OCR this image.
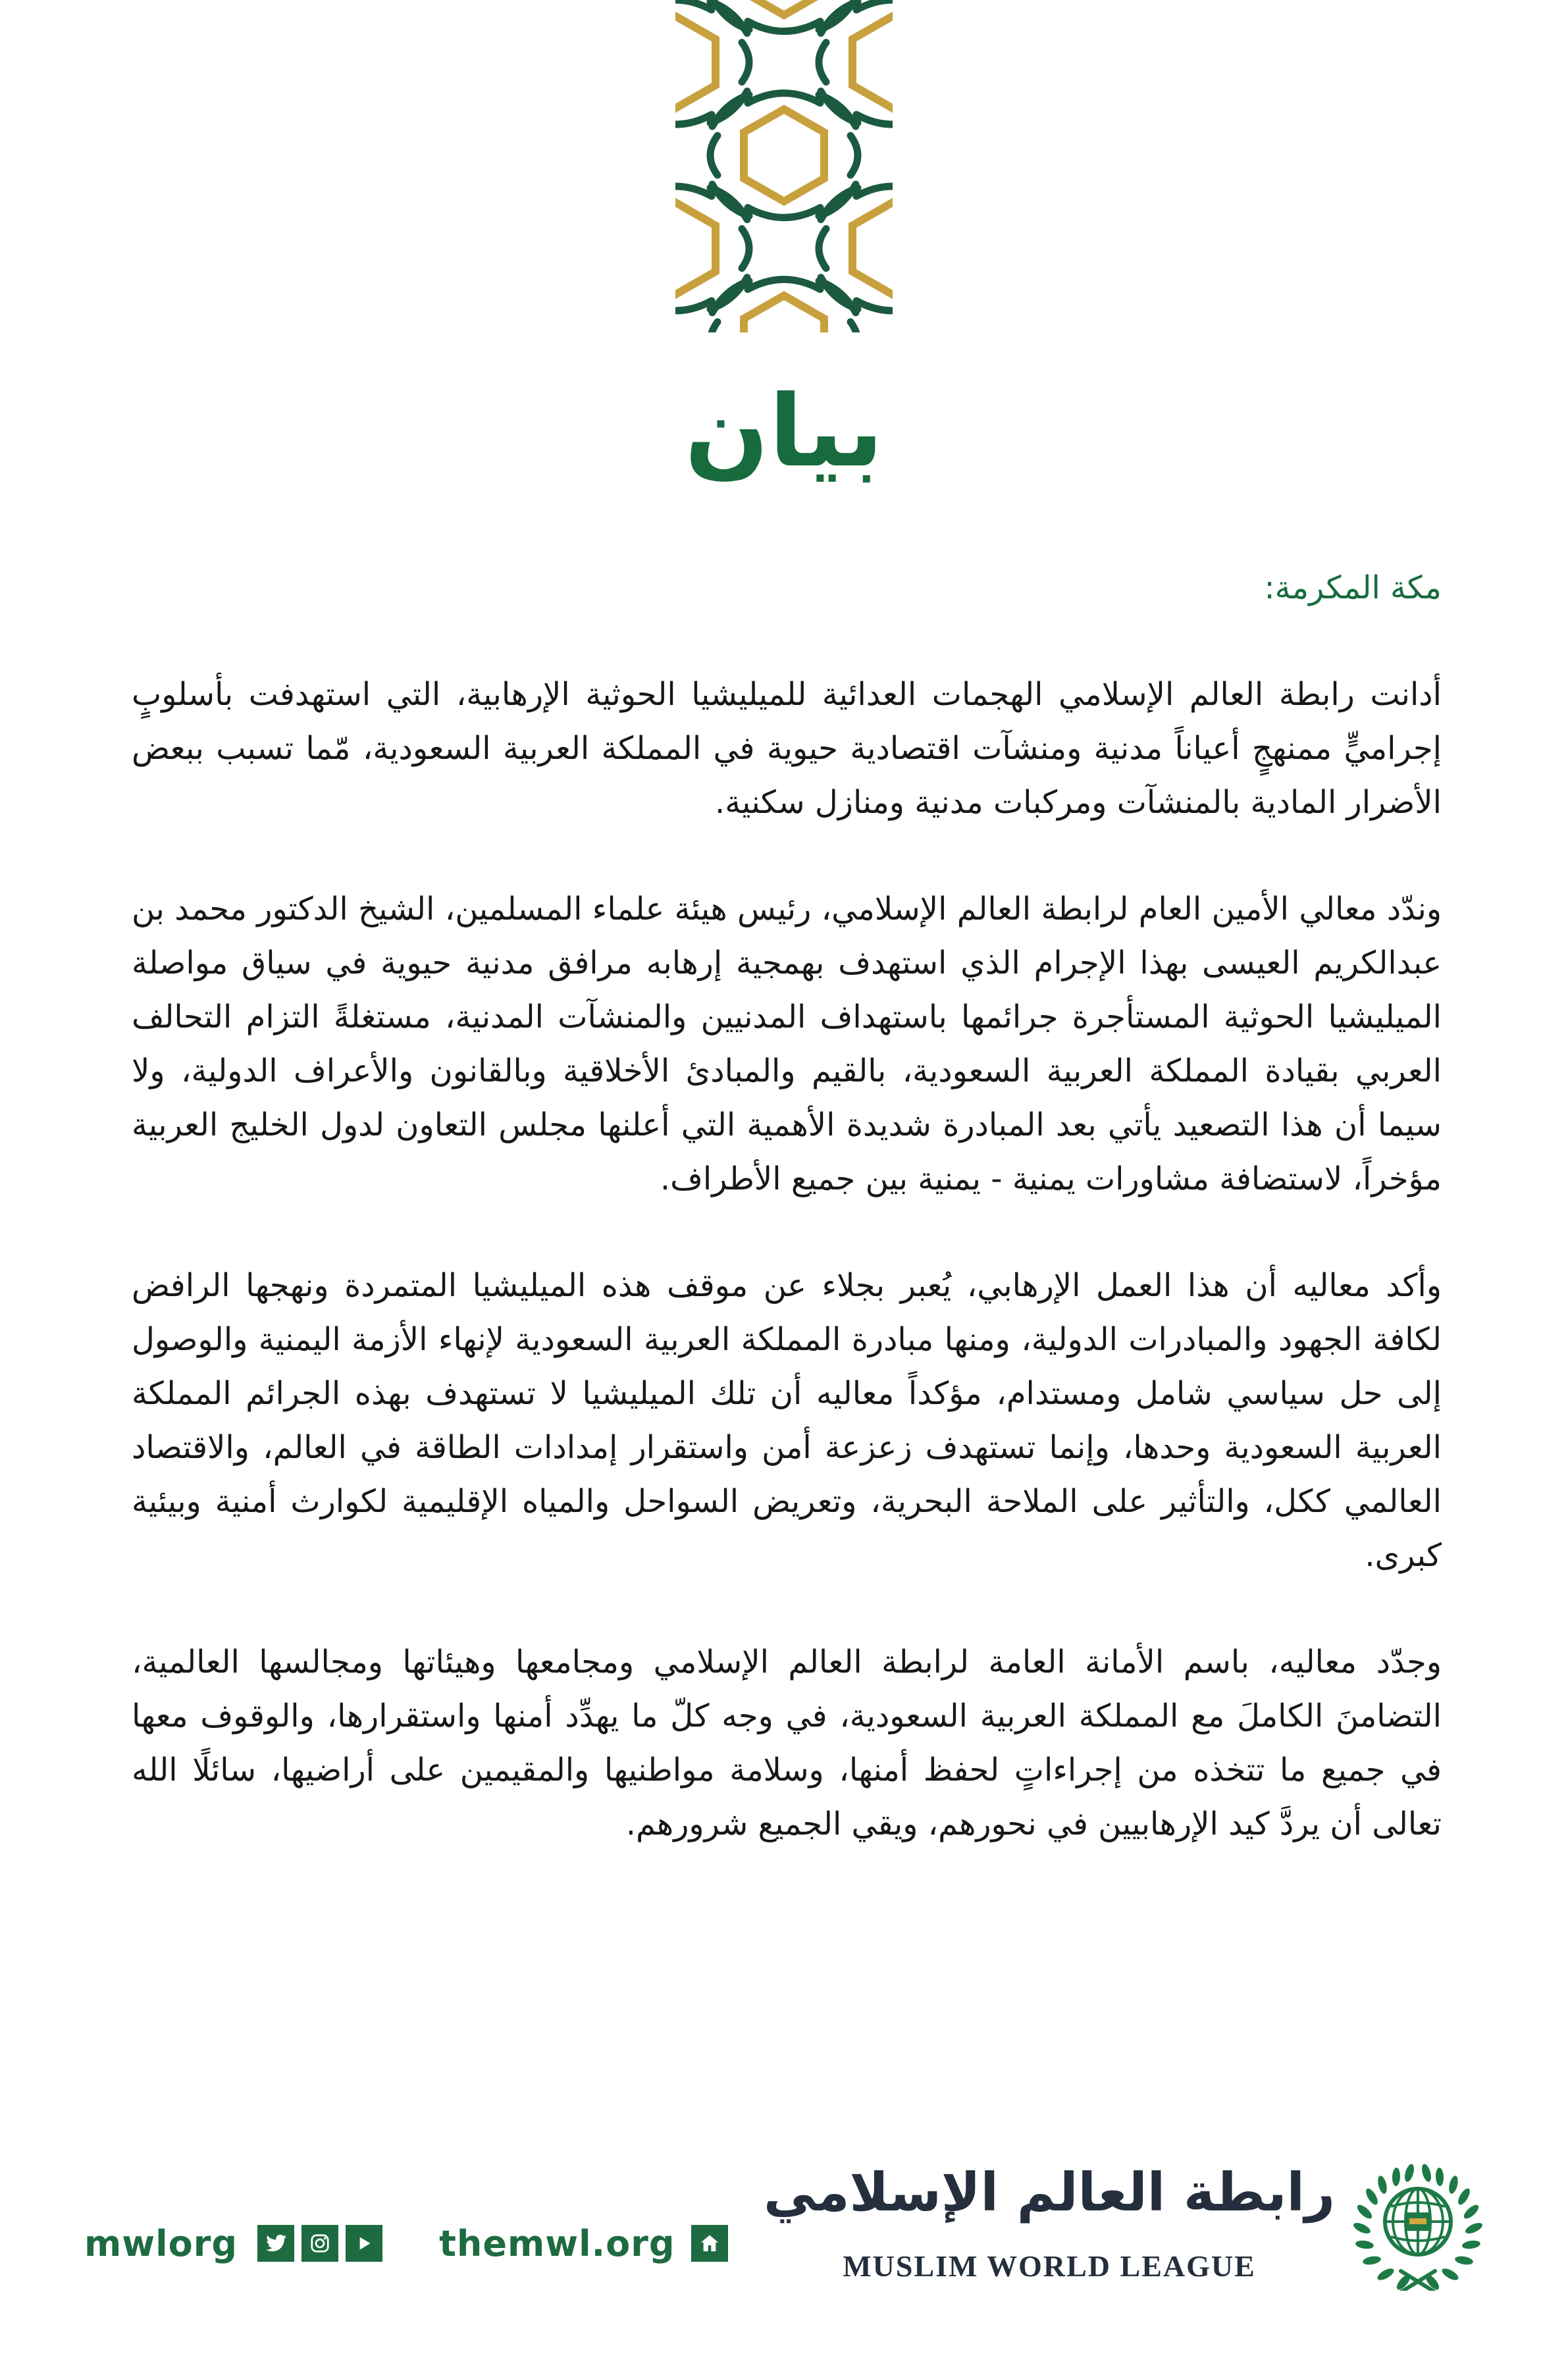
بيان

مكة المكرمة:

أدانت رابطة العالم الإسلامي الهجمات العدائية للميليشيا الحوثية الإرهابية، التي استهدفت بأسلوبٍ إجراميٍّ ممنهجٍ أعياناً مدنية ومنشآت اقتصادية حيوية في المملكة العربية السعودية، مّما تسبب ببعض الأضرار المادية بالمنشآت ومركبات مدنية ومنازل سكنية.

وندّد معالي الأمين العام لرابطة العالم الإسلامي، رئيس هيئة علماء المسلمين، الشيخ الدكتور محمد بن عبدالكريم العيسى بهذا الإجرام الذي استهدف بهمجية إرهابه مرافق مدنية حيوية في سياق مواصلة الميليشيا الحوثية المستأجرة جرائمها باستهداف المدنيين والمنشآت المدنية، مستغلةً التزام التحالف العربي بقيادة المملكة العربية السعودية، بالقيم والمبادئ الأخلاقية وبالقانون والأعراف الدولية، ولا سيما أن هذا التصعيد يأتي بعد المبادرة شديدة الأهمية التي أعلنها مجلس التعاون لدول الخليج العربية مؤخراً، لاستضافة مشاورات يمنية - يمنية بين جميع الأطراف.

وأكد معاليه أن هذا العمل الإرهابي، يُعبر بجلاء عن موقف هذه الميليشيا المتمردة ونهجها الرافض لكافة الجهود والمبادرات الدولية، ومنها مبادرة المملكة العربية السعودية لإنهاء الأزمة اليمنية والوصول إلى حل سياسي شامل ومستدام، مؤكداً معاليه أن تلك الميليشيا لا تستهدف بهذه الجرائم المملكة العربية السعودية وحدها، وإنما تستهدف زعزعة أمن واستقرار إمدادات الطاقة في العالم، والاقتصاد العالمي ككل، والتأثير على الملاحة البحرية، وتعريض السواحل والمياه الإقليمية لكوارث أمنية وبيئية كبرى.

وجدّد معاليه، باسم الأمانة العامة لرابطة العالم الإسلامي ومجامعها وهيئاتها ومجالسها العالمية، التضامنَ الكاملَ مع المملكة العربية السعودية، في وجه كلّ ما يهدِّد أمنها واستقرارها، والوقوف معها في جميع ما تتخذه من إجراءاتٍ لحفظ أمنها، وسلامة مواطنيها والمقيمين على أراضيها، سائلًا الله تعالى أن يردَّ كيد الإرهابيين في نحورهم، ويقي الجميع شرورهم.

mwlorg	themwl.org
رابطة العالم الإسلامي
MUSLIM WORLD LEAGUE
